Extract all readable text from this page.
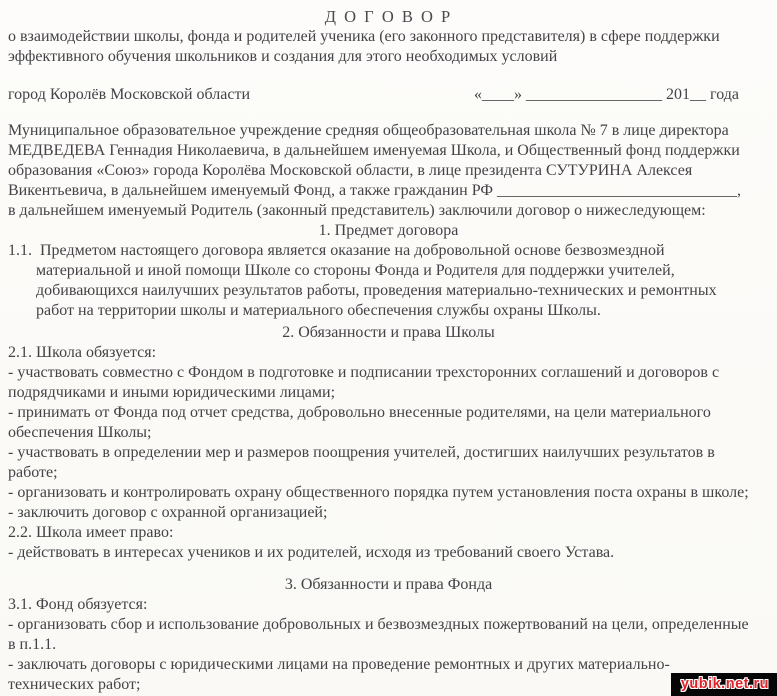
Д О Г О В О Р
о взаимодействии школы, фонда и родителей ученика (его законного представителя) в сфере поддержки
эффективного обучения школьников и создания для этого необходимых условий
город Королёв Московской области	«____» _________________ 201__ года
Муниципальное образовательное учреждение средняя общеобразовательная школа № 7 в лице директора
МЕДВЕДЕВА Геннадия Николаевича, в дальнейшем именуемая Школа, и Общественный фонд поддержки
образования «Союз» города Королёва Московской области, в лице президента СУТУРИНА Алексея
Викентьевича, в дальнейшем именуемый Фонд, а также гражданин РФ ______________________________,
в дальнейшем именуемый Родитель (законный представитель) заключили договор о нижеследующем:
1. Предмет договора
1.1.  Предметом настоящего договора является оказание на добровольной основе безвозмездной
материальной и иной помощи Школе со стороны Фонда и Родителя для поддержки учителей,
добивающихся наилучших результатов работы, проведения материально-технических и ремонтных
работ на территории школы и материального обеспечения службы охраны Школы.
2. Обязанности и права Школы
2.1. Школа обязуется:
- участвовать совместно с Фондом в подготовке и подписании трехсторонних соглашений и договоров с
подрядчиками и иными юридическими лицами;
- принимать от Фонда под отчет средства, добровольно внесенные родителями, на цели материального
обеспечения Школы;
- участвовать в определении мер и размеров поощрения учителей, достигших наилучших результатов в
работе;
- организовать и контролировать охрану общественного порядка путем установления поста охраны в школе;
- заключить договор с охранной организацией;
2.2. Школа имеет право:
- действовать в интересах учеников и их родителей, исходя из требований своего Устава.
3. Обязанности и права Фонда
3.1. Фонд обязуется:
- организовать сбор и использование добровольных и безвозмездных пожертвований на цели, определенные
в п.1.1.
- заключать договоры с юридическими лицами на проведение ремонтных и других материально-
технических работ;	yubik.net.ru
